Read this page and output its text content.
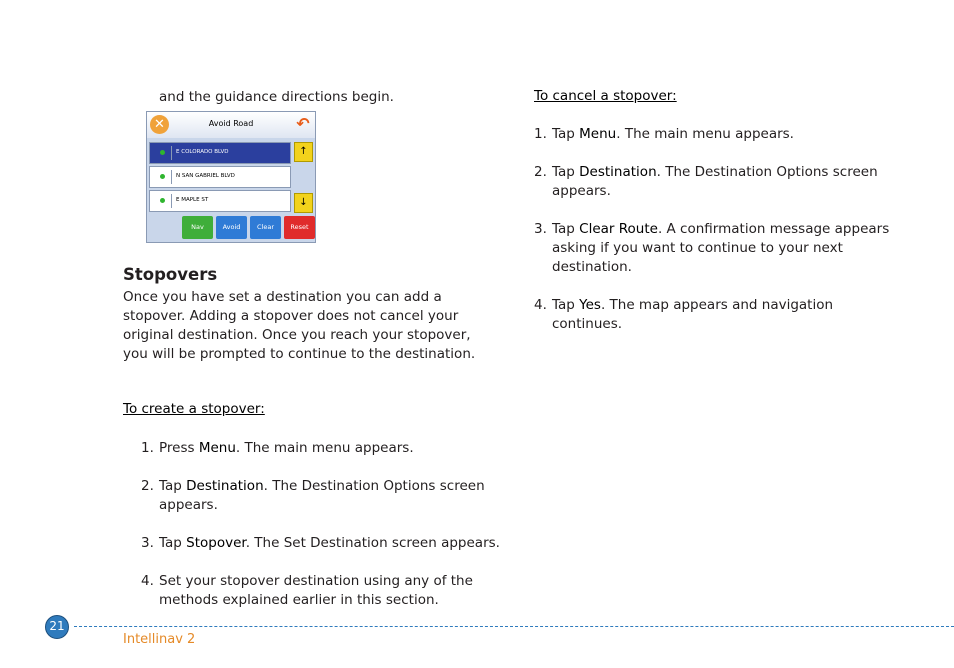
and the guidance directions begin.
✕	Avoid Road	↶
E COLORADO BLVD
N SAN GABRIEL BLVD
E MAPLE ST
↑
↓
Nav	Avoid	Clear	Reset
Stopovers
Once you have set a destination you can add a stopover. Adding a stopover does not cancel your original destination. Once you reach your stopover, you will be prompted to continue to the destination.
To create a stopover:
1. Press Menu. The main menu appears.
2. Tap Destination. The Destination Options screen appears.
3. Tap Stopover. The Set Destination screen appears.
4. Set your stopover destination using any of the methods explained earlier in this section.
To cancel a stopover:
1. Tap Menu. The main menu appears.
2. Tap Destination. The Destination Options screen appears.
3. Tap Clear Route. A confirmation message appears asking if you want to continue to your next destination.
4. Tap Yes. The map appears and navigation continues.
21
Intellinav 2
